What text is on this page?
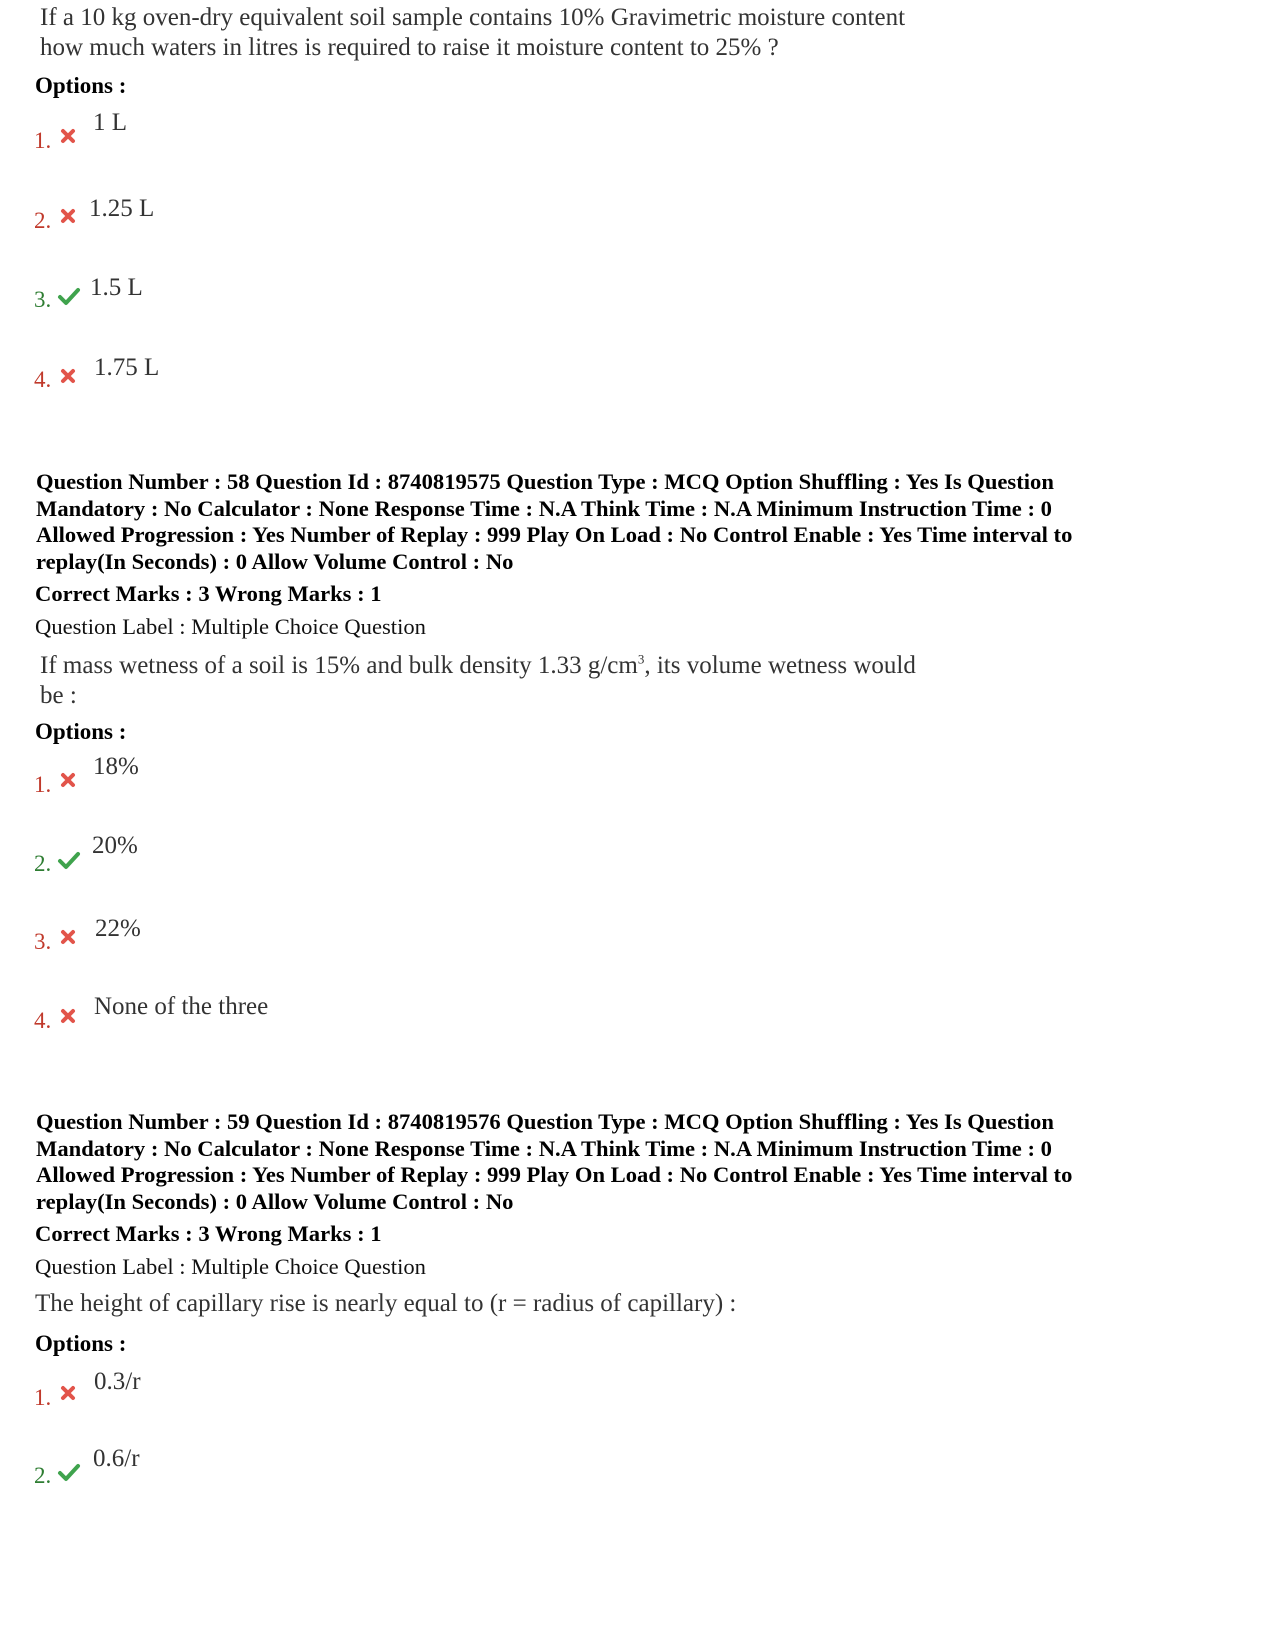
If a 10 kg oven-dry equivalent soil sample contains 10% Gravimetric moisture content
how much waters in litres is required to raise it moisture content to 25% ?
Options :
1.
1 L
2. 1.25 L
3. 1.5 L
4. 1.75 L
Question Number : 58 Question Id : 8740819575 Question Type : MCQ Option Shuffling : Yes Is Question
Mandatory : No Calculator : None Response Time : N.A Think Time : N.A Minimum Instruction Time : 0
Allowed Progression : Yes Number of Replay : 999 Play On Load : No Control Enable : Yes Time interval to
replay(In Seconds) : 0 Allow Volume Control : No
Correct Marks : 3 Wrong Marks : 1
Question Label : Multiple Choice Question
If mass wetness of a soil is 15% and bulk density 1.33 $g/cm^3$, its volume wetness would
be :
Options :
1.
18%
2.
20%
3. 22%
4.
None of the three
Question Number : 59 Question Id : 8740819576 Question Type : MCQ Option Shuffling : Yes Is Question
Mandatory : No Calculator : None Response Time : N.A Think Time : N.A Minimum Instruction Time : 0
Allowed Progression : Yes Number of Replay : 999 Play On Load : No Control Enable : Yes Time interval to
replay(In Seconds) : 0 Allow Volume Control : No
Correct Marks : 3 Wrong Marks : 1
Question Label : Multiple Choice Question
The height of capillary rise is nearly equal to (r = radius of capillary) :
Options :
1.
0.3/r
2.
0.6/r
